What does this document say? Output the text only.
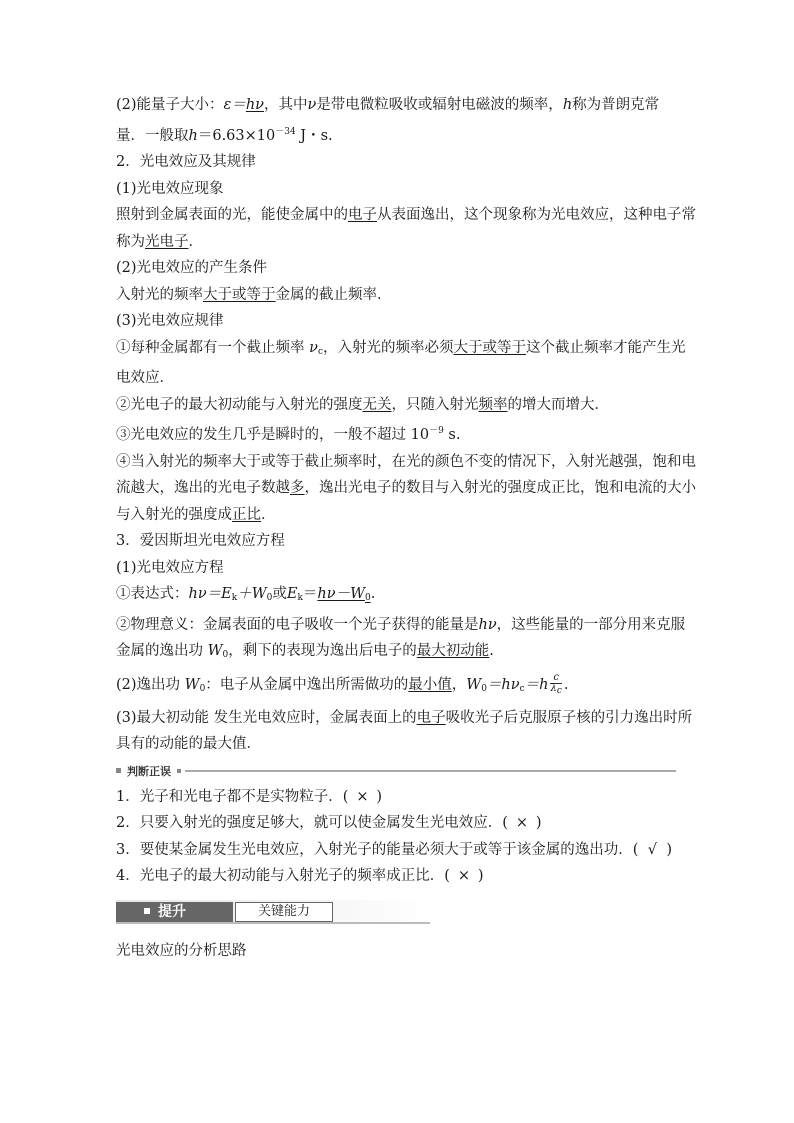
(2)能量子大小：ε＝hν，其中ν是带电微粒吸收或辐射电磁波的频率，h称为普朗克常
量．一般取$h=6.63\times 10^{-34}$ J・s.
2．光电效应及其规律
(1)光电效应现象
照射到金属表面的光，能使金属中的电子从表面逸出，这个现象称为光电效应，这种电子常
称为光电子．
(2)光电效应的产生条件
入射光的频率大于或等于金属的截止频率．
(3)光电效应规律
①每种金属都有一个截止频率 $\nu_c$，入射光的频率必须大于或等于这个截止频率才能产生光
电效应．
②光电子的最大初动能与入射光的强度无关，只随入射光频率的增大而增大．
③光电效应的发生几乎是瞬时的，一般不超过 $10^{-9}$ s.
④当入射光的频率大于或等于截止频率时，在光的颜色不变的情况下，入射光越强，饱和电
流越大，逸出的光电子数越多，逸出光电子的数目与入射光的强度成正比，饱和电流的大小
与入射光的强度成正比．
3．爱因斯坦光电效应方程
(1)光电效应方程
①表达式：$h\nu=E_k+W_0$或$E_k=h\nu-W_0$.
②物理意义：金属表面的电子吸收一个光子获得的能量是hν，这些能量的一部分用来克服
金属的逸出功 $W_0$，剩下的表现为逸出后电子的最大初动能.
(2)逸出功 $W_0$：电子从金属中逸出所需做功的最小值，$W_0=h\nu_c=h \frac{c}{\lambda_c}$ .
(3)最大初动能 发生光电效应时，金属表面上的电子吸收光子后克服原子核的引力逸出时所
具有的动能的最大值．
判断正误
1．光子和光电子都不是实物粒子．( × )
2．只要入射光的强度足够大，就可以使金属发生光电效应．( × )
3．要使某金属发生光电效应，入射光子的能量必须大于或等于该金属的逸出功．( √ )
4．光电子的最大初动能与入射光子的频率成正比．( × )
提升	关键能力
光电效应的分析思路
